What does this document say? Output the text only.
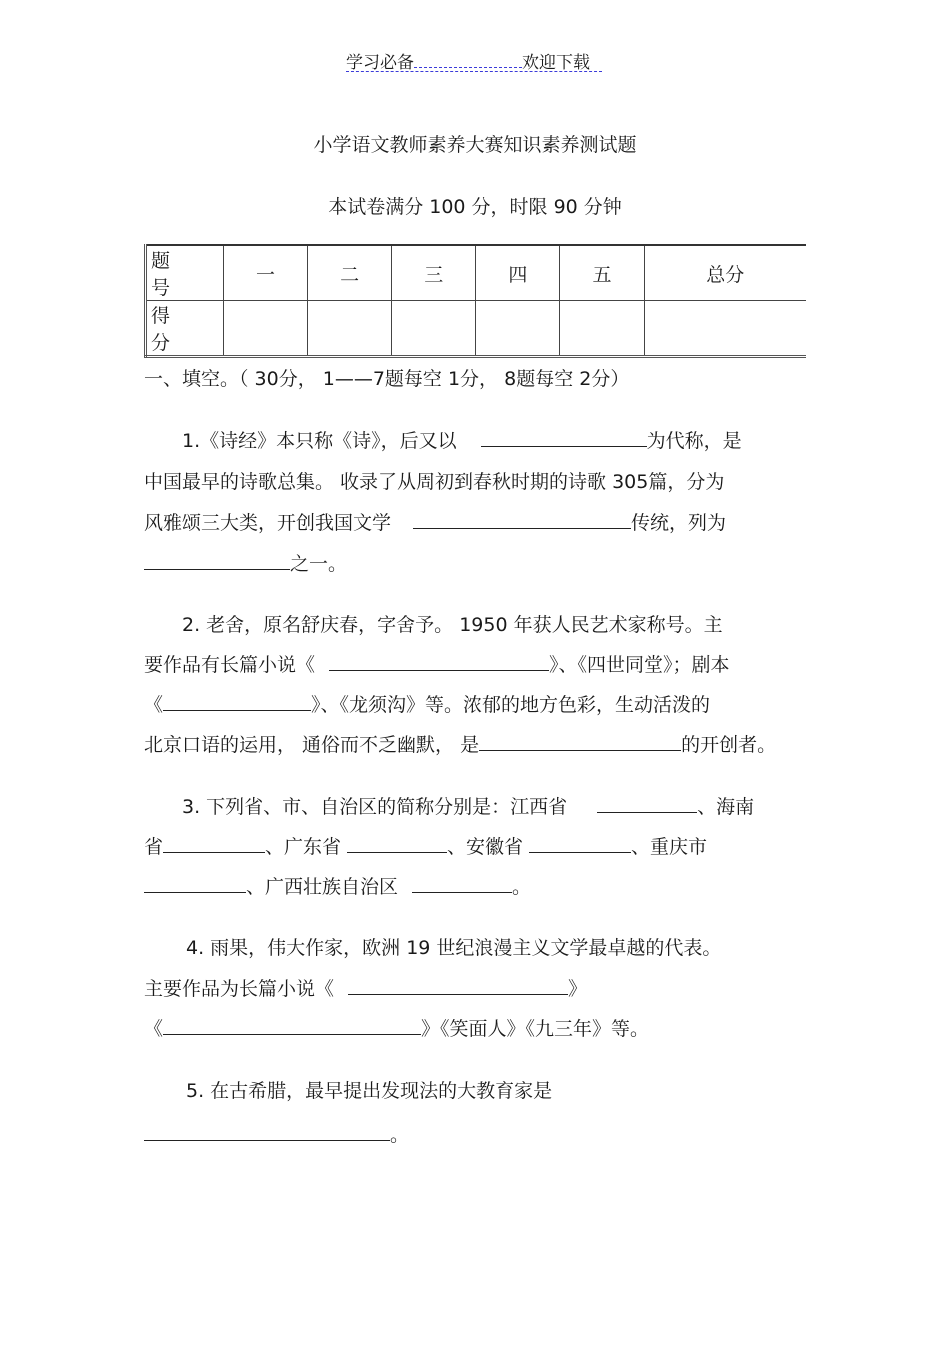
学习必备	欢迎下载
小学语文教师素养大赛知识素养测试题
本试卷满分 100 分，时限 90 分钟
题号	一	二	三	四	五	总分
得分						
一、填空。（ 30分， 1——7题每空 1分， 8题每空 2分）
1.《诗经》本只称《诗》，后又以	为代称，是
中国最早的诗歌总集。 收录了从周初到春秋时期的诗歌 305篇，分为
风雅颂三大类，开创我国文学	传统，列为
之一。
2. 老舍，原名舒庆春，字舍予。 1950 年获人民艺术家称号。主
要作品有长篇小说《	》、《四世同堂》；剧本
《	》、《龙须沟》等。浓郁的地方色彩，生动活泼的
北京口语的运用， 通俗而不乏幽默， 是	的开创者。
3. 下列省、市、自治区的简称分别是：江西省	、海南
省	、广东省	、安徽省	、重庆市
、广西壮族自治区	。
4. 雨果，伟大作家，欧洲 19 世纪浪漫主义文学最卓越的代表。
主要作品为长篇小说《	》
《	》《笑面人》《九三年》等。
5. 在古希腊，最早提出发现法的大教育家是
。
